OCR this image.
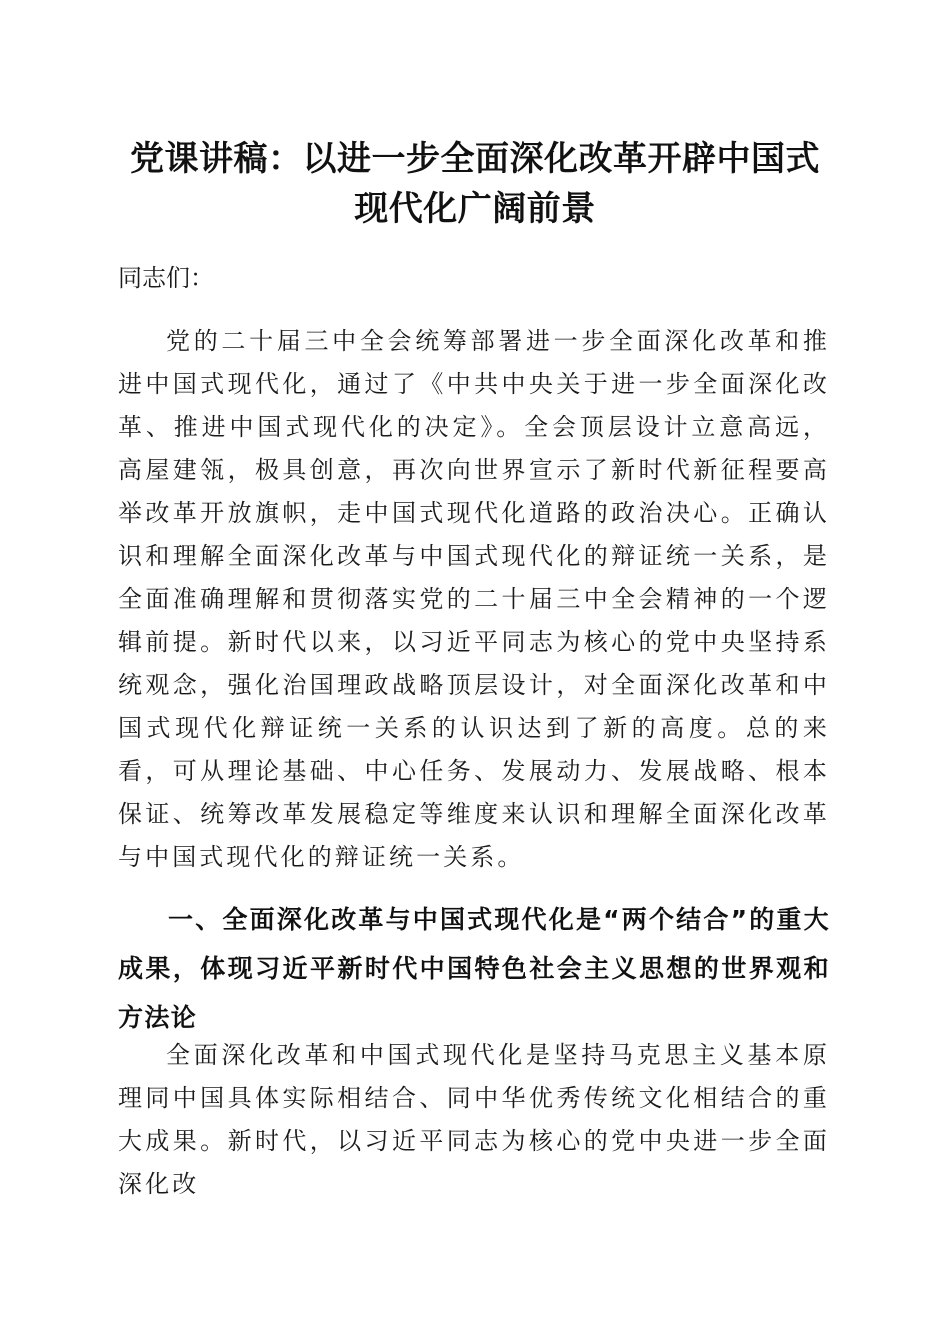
党课讲稿：以进一步全面深化改革开辟中国式
现代化广阔前景

同志们：

党的二十届三中全会统筹部署进一步全面深化改革和推进中国式现代化，通过了《中共中央关于进一步全面深化改革、推进中国式现代化的决定》。全会顶层设计立意高远，高屋建瓴，极具创意，再次向世界宣示了新时代新征程要高举改革开放旗帜，走中国式现代化道路的政治决心。正确认识和理解全面深化改革与中国式现代化的辩证统一关系，是全面准确理解和贯彻落实党的二十届三中全会精神的一个逻辑前提。新时代以来，以习近平同志为核心的党中央坚持系统观念，强化治国理政战略顶层设计，对全面深化改革和中国式现代化辩证统一关系的认识达到了新的高度。总的来看，可从理论基础、中心任务、发展动力、发展战略、根本保证、统筹改革发展稳定等维度来认识和理解全面深化改革与中国式现代化的辩证统一关系。

一、全面深化改革与中国式现代化是“两个结合”的重大成果，体现习近平新时代中国特色社会主义思想的世界观和方法论

全面深化改革和中国式现代化是坚持马克思主义基本原理同中国具体实际相结合、同中华优秀传统文化相结合的重大成果。新时代，以习近平同志为核心的党中央进一步全面深化改
